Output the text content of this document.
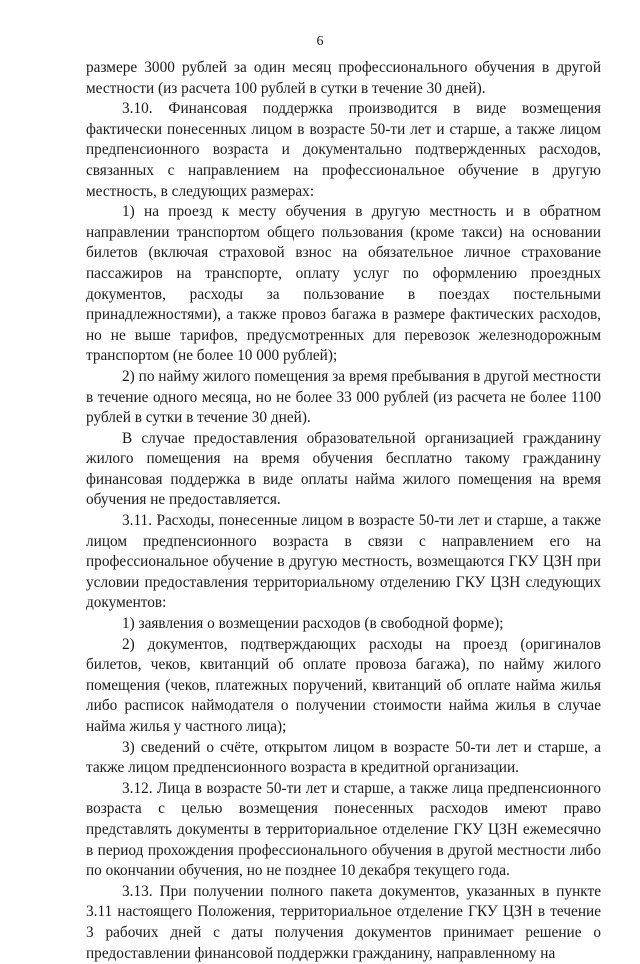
6

размере 3000 рублей за один месяц профессионального обучения в другой местности (из расчета 100 рублей в сутки в течение 30 дней).

3.10. Финансовая поддержка производится в виде возмещения фактически понесенных лицом в возрасте 50-ти лет и старше, а также лицом предпенсионного возраста и документально подтвержденных расходов, связанных с направлением на профессиональное обучение в другую местность, в следующих размерах:

1) на проезд к месту обучения в другую местность и в обратном направлении транспортом общего пользования (кроме такси) на основании билетов (включая страховой взнос на обязательное личное страхование пассажиров на транспорте, оплату услуг по оформлению проездных документов, расходы за пользование в поездах постельными принадлежностями), а также провоз багажа в размере фактических расходов, но не выше тарифов, предусмотренных для перевозок железнодорожным транспортом (не более 10 000 рублей);

2) по найму жилого помещения за время пребывания в другой местности в течение одного месяца, но не более 33 000 рублей (из расчета не более 1100 рублей в сутки в течение 30 дней).

В случае предоставления образовательной организацией гражданину жилого помещения на время обучения бесплатно такому гражданину финансовая поддержка в виде оплаты найма жилого помещения на время обучения не предоставляется.

3.11. Расходы, понесенные лицом в возрасте 50-ти лет и старше, а также лицом предпенсионного возраста в связи с направлением его на профессиональное обучение в другую местность, возмещаются ГКУ ЦЗН при условии предоставления территориальному отделению ГКУ ЦЗН следующих документов:

1) заявления о возмещении расходов (в свободной форме);

2) документов, подтверждающих расходы на проезд (оригиналов билетов, чеков, квитанций об оплате провоза багажа), по найму жилого помещения (чеков, платежных поручений, квитанций об оплате найма жилья либо расписок наймодателя о получении стоимости найма жилья в случае найма жилья у частного лица);

3) сведений о счёте, открытом лицом в возрасте 50-ти лет и старше, а также лицом предпенсионного возраста в кредитной организации.

3.12. Лица в возрасте 50-ти лет и старше, а также лица предпенсионного возраста с целью возмещения понесенных расходов имеют право представлять документы в территориальное отделение ГКУ ЦЗН ежемесячно в период прохождения профессионального обучения в другой местности либо по окончании обучения, но не позднее 10 декабря текущего года.

3.13. При получении полного пакета документов, указанных в пункте 3.11 настоящего Положения, территориальное отделение ГКУ ЦЗН в течение 3 рабочих дней с даты получения документов принимает решение о предоставлении финансовой поддержки гражданину, направленному на
